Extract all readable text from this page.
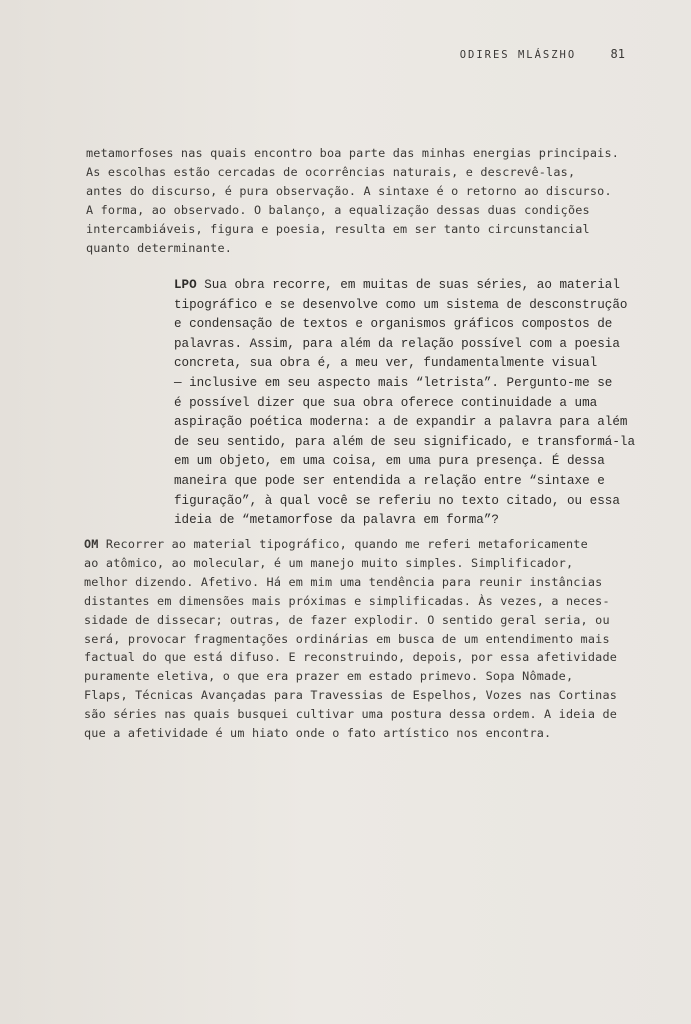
ODIRES MLÁSZHO	81
metamorfoses nas quais encontro boa parte das minhas energias principais.
As escolhas estão cercadas de ocorrências naturais, e descrevê-las,
antes do discurso, é pura observação. A sintaxe é o retorno ao discurso.
A forma, ao observado. O balanço, a equalização dessas duas condições
intercambiáveis, figura e poesia, resulta em ser tanto circunstancial
quanto determinante.
LPO Sua obra recorre, em muitas de suas séries, ao material
tipográfico e se desenvolve como um sistema de desconstrução
e condensação de textos e organismos gráficos compostos de
palavras. Assim, para além da relação possível com a poesia
concreta, sua obra é, a meu ver, fundamentalmente visual
— inclusive em seu aspecto mais “letrista”. Pergunto-me se
é possível dizer que sua obra oferece continuidade a uma
aspiração poética moderna: a de expandir a palavra para além
de seu sentido, para além de seu significado, e transformá-la
em um objeto, em uma coisa, em uma pura presença. É dessa
maneira que pode ser entendida a relação entre “sintaxe e
figuração”, à qual você se referiu no texto citado, ou essa
ideia de “metamorfose da palavra em forma”?
OM Recorrer ao material tipográfico, quando me referi metaforicamente
ao atômico, ao molecular, é um manejo muito simples. Simplificador,
melhor dizendo. Afetivo. Há em mim uma tendência para reunir instâncias
distantes em dimensões mais próximas e simplificadas. Às vezes, a neces-
sidade de dissecar; outras, de fazer explodir. O sentido geral seria, ou
será, provocar fragmentações ordinárias em busca de um entendimento mais
factual do que está difuso. E reconstruindo, depois, por essa afetividade
puramente eletiva, o que era prazer em estado primevo. Sopa Nômade,
Flaps, Técnicas Avançadas para Travessias de Espelhos, Vozes nas Cortinas
são séries nas quais busquei cultivar uma postura dessa ordem. A ideia de
que a afetividade é um hiato onde o fato artístico nos encontra.
